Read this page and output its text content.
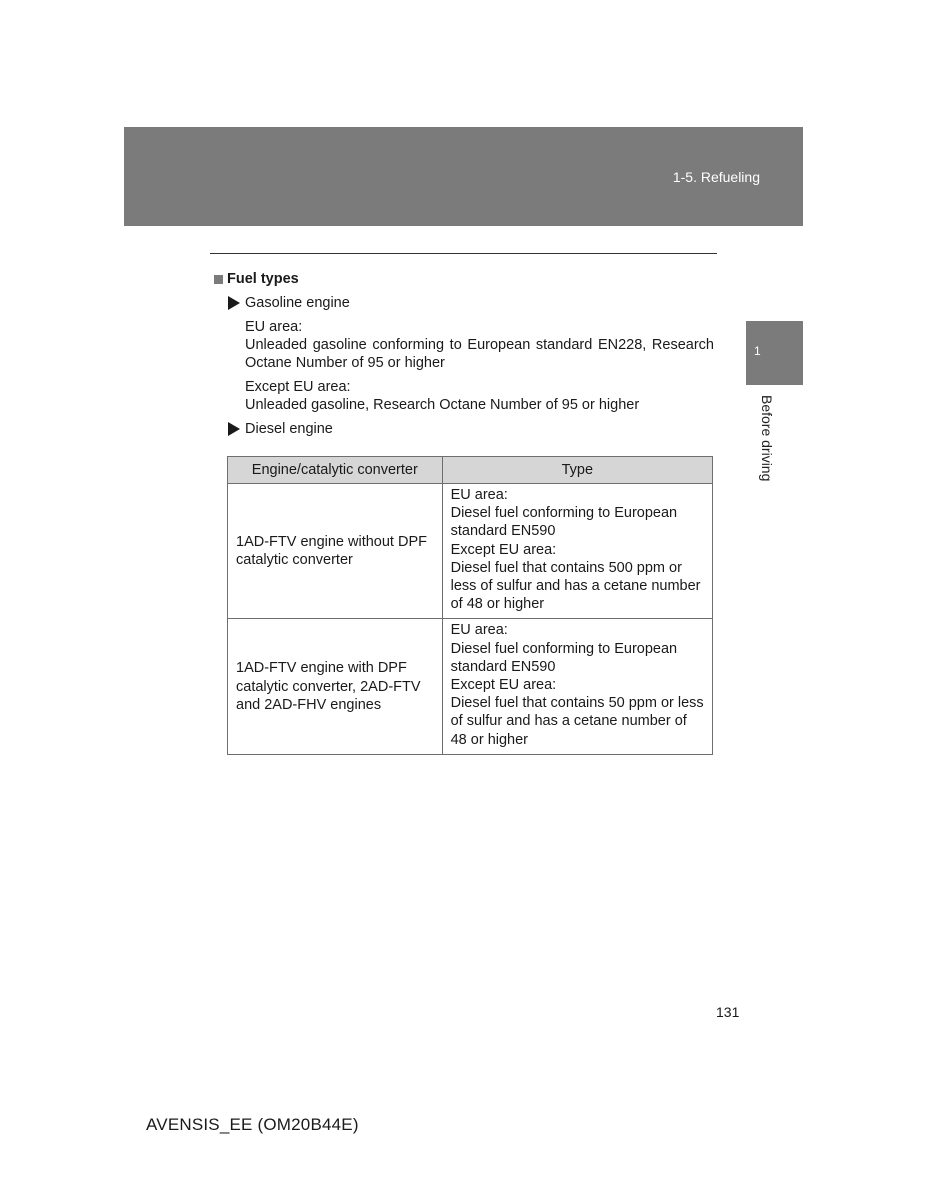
1-5. Refueling
1
Before driving
Fuel types
Gasoline engine
EU area:
Unleaded gasoline conforming to European standard EN228, Research Octane Number of 95 or higher
Except EU area:
Unleaded gasoline, Research Octane Number of 95 or higher
Diesel engine
Engine/catalytic converter	Type
1AD-FTV engine without DPF catalytic converter	EU area:
Diesel fuel conforming to European standard EN590
Except EU area:
Diesel fuel that contains 500 ppm or less of sulfur and has a cetane number of 48 or higher

1AD-FTV engine with DPF catalytic converter, 2AD-FTV and 2AD-FHV engines	EU area:
Diesel fuel conforming to European standard EN590
Except EU area:
Diesel fuel that contains 50 ppm or less of sulfur and has a cetane number of 48 or higher
131
AVENSIS_EE (OM20B44E)
